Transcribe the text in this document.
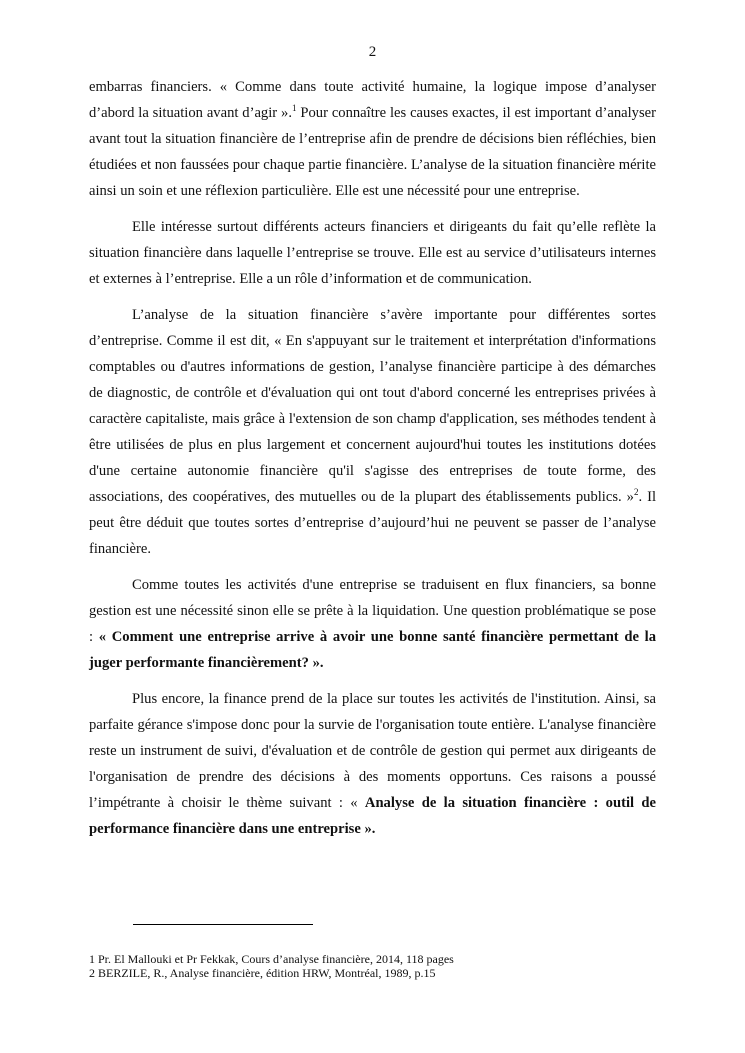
2

embarras financiers. « Comme dans toute activité humaine, la logique impose d’analyser d’abord la situation avant d’agir ».$^1$ Pour connaître les causes exactes, il est important d’analyser avant tout la situation financière de l’entreprise afin de prendre de décisions bien réfléchies, bien étudiées et non faussées pour chaque partie financière. L’analyse de la situation financière mérite ainsi un soin et une réflexion particulière. Elle est une nécessité pour une entreprise.

Elle intéresse surtout différents acteurs financiers et dirigeants du fait qu’elle reflète la situation financière dans laquelle l’entreprise se trouve. Elle est au service d’utilisateurs internes et externes à l’entreprise. Elle a un rôle d’information et de communication.

L’analyse de la situation financière s’avère importante pour différentes sortes d’entreprise. Comme il est dit, « En s'appuyant sur le traitement et interprétation d'informations comptables ou d'autres informations de gestion, l’analyse financière participe à des démarches de diagnostic, de contrôle et d'évaluation qui ont tout d'abord concerné les entreprises privées à caractère capitaliste, mais grâce à l'extension de son champ d'application, ses méthodes tendent à être utilisées de plus en plus largement et concernent aujourd'hui toutes les institutions dotées d'une certaine autonomie financière qu'il s'agisse des entreprises de toute forme, des associations, des coopératives, des mutuelles ou de la plupart des établissements publics. »$^2$. Il peut être déduit que toutes sortes d’entreprise d’aujourd’hui ne peuvent se passer de l’analyse financière.

Comme toutes les activités d'une entreprise se traduisent en flux financiers, sa bonne gestion est une nécessité sinon elle se prête à la liquidation. Une question problématique se pose : « Comment une entreprise arrive à avoir une bonne santé financière permettant de la juger performante financièrement? ».

Plus encore, la finance prend de la place sur toutes les activités de l'institution. Ainsi, sa parfaite gérance s'impose donc pour la survie de l'organisation toute entière. L'analyse financière reste un instrument de suivi, d'évaluation et de contrôle de gestion qui permet aux dirigeants de l'organisation de prendre des décisions à des moments opportuns. Ces raisons a poussé l’impétrante à choisir le thème suivant : « Analyse de la situation financière : outil de performance financière dans une entreprise ».

1 Pr. El Mallouki et Pr Fekkak, Cours d’analyse financière, 2014, 118 pages
2 BERZILE, R., Analyse financière, édition HRW, Montréal, 1989, p.15
